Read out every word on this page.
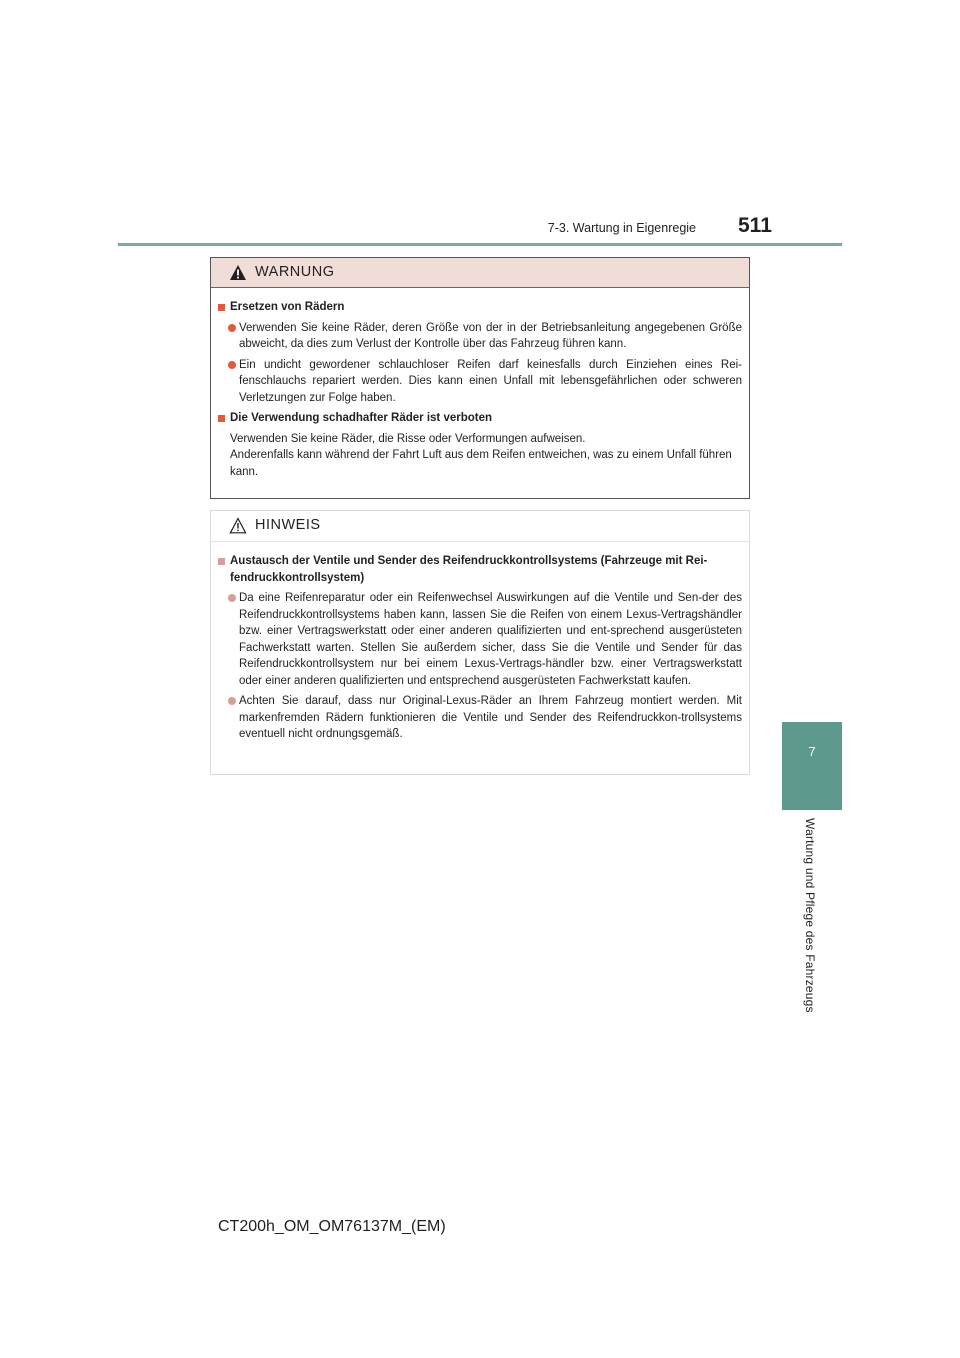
7-3. Wartung in Eigenregie 511
7
Wartung und Pflege des Fahrzeugs
WARNUNG
Ersetzen von Rädern
Verwenden Sie keine Räder, deren Größe von der in der Betriebsanleitung angegebenen Größe abweicht, da dies zum Verlust der Kontrolle über das Fahrzeug führen kann.
Ein undicht gewordener schlauchloser Reifen darf keinesfalls durch Einziehen eines Rei-fenschlauchs repariert werden. Dies kann einen Unfall mit lebensgefährlichen oder schweren Verletzungen zur Folge haben.
Die Verwendung schadhafter Räder ist verboten
Verwenden Sie keine Räder, die Risse oder Verformungen aufweisen.
Anderenfalls kann während der Fahrt Luft aus dem Reifen entweichen, was zu einem Unfall führen kann.
HINWEIS
Austausch der Ventile und Sender des Reifendruckkontrollsystems (Fahrzeuge mit Rei-fendruckkontrollsystem)
Da eine Reifenreparatur oder ein Reifenwechsel Auswirkungen auf die Ventile und Sen-der des Reifendruckkontrollsystems haben kann, lassen Sie die Reifen von einem Lexus-Vertragshändler bzw. einer Vertragswerkstatt oder einer anderen qualifizierten und ent-sprechend ausgerüsteten Fachwerkstatt warten. Stellen Sie außerdem sicher, dass Sie die Ventile und Sender für das Reifendruckkontrollsystem nur bei einem Lexus-Vertrags-händler bzw. einer Vertragswerkstatt oder einer anderen qualifizierten und entsprechend ausgerüsteten Fachwerkstatt kaufen.
Achten Sie darauf, dass nur Original-Lexus-Räder an Ihrem Fahrzeug montiert werden. Mit markenfremden Rädern funktionieren die Ventile und Sender des Reifendruckkon-trollsystems eventuell nicht ordnungsgemäß.
CT200h_OM_OM76137M_(EM)
